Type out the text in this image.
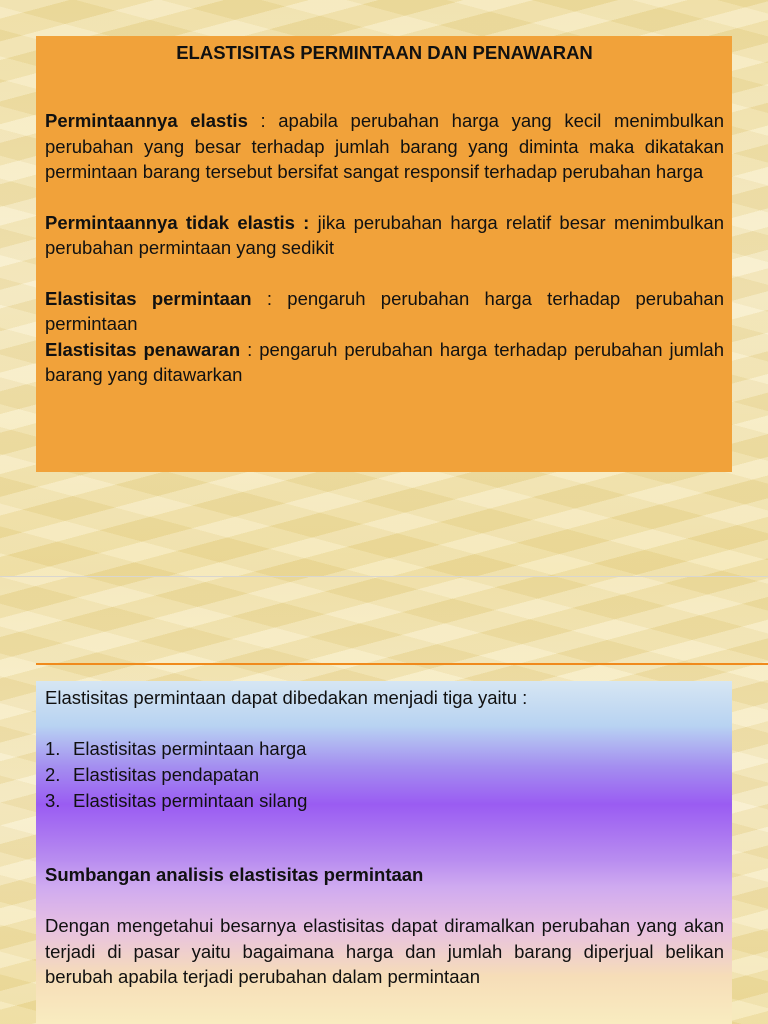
ELASTISITAS PERMINTAAN DAN PENAWARAN

Permintaannya elastis : apabila perubahan harga yang kecil menimbulkan perubahan yang besar terhadap jumlah barang yang diminta maka dikatakan permintaan barang tersebut bersifat sangat responsif terhadap perubahan harga

Permintaannya tidak elastis : jika perubahan harga relatif besar menimbulkan perubahan permintaan yang sedikit

Elastisitas permintaan : pengaruh perubahan harga terhadap perubahan permintaan

Elastisitas penawaran : pengaruh perubahan harga terhadap perubahan jumlah barang yang ditawarkan

Elastisitas permintaan dapat dibedakan menjadi tiga yaitu :

1. Elastisitas permintaan harga
2. Elastisitas pendapatan
3. Elastisitas permintaan silang

Sumbangan analisis elastisitas permintaan

Dengan mengetahui besarnya elastisitas dapat diramalkan perubahan yang akan terjadi di pasar yaitu bagaimana harga dan jumlah barang diperjual belikan berubah apabila terjadi perubahan dalam permintaan
